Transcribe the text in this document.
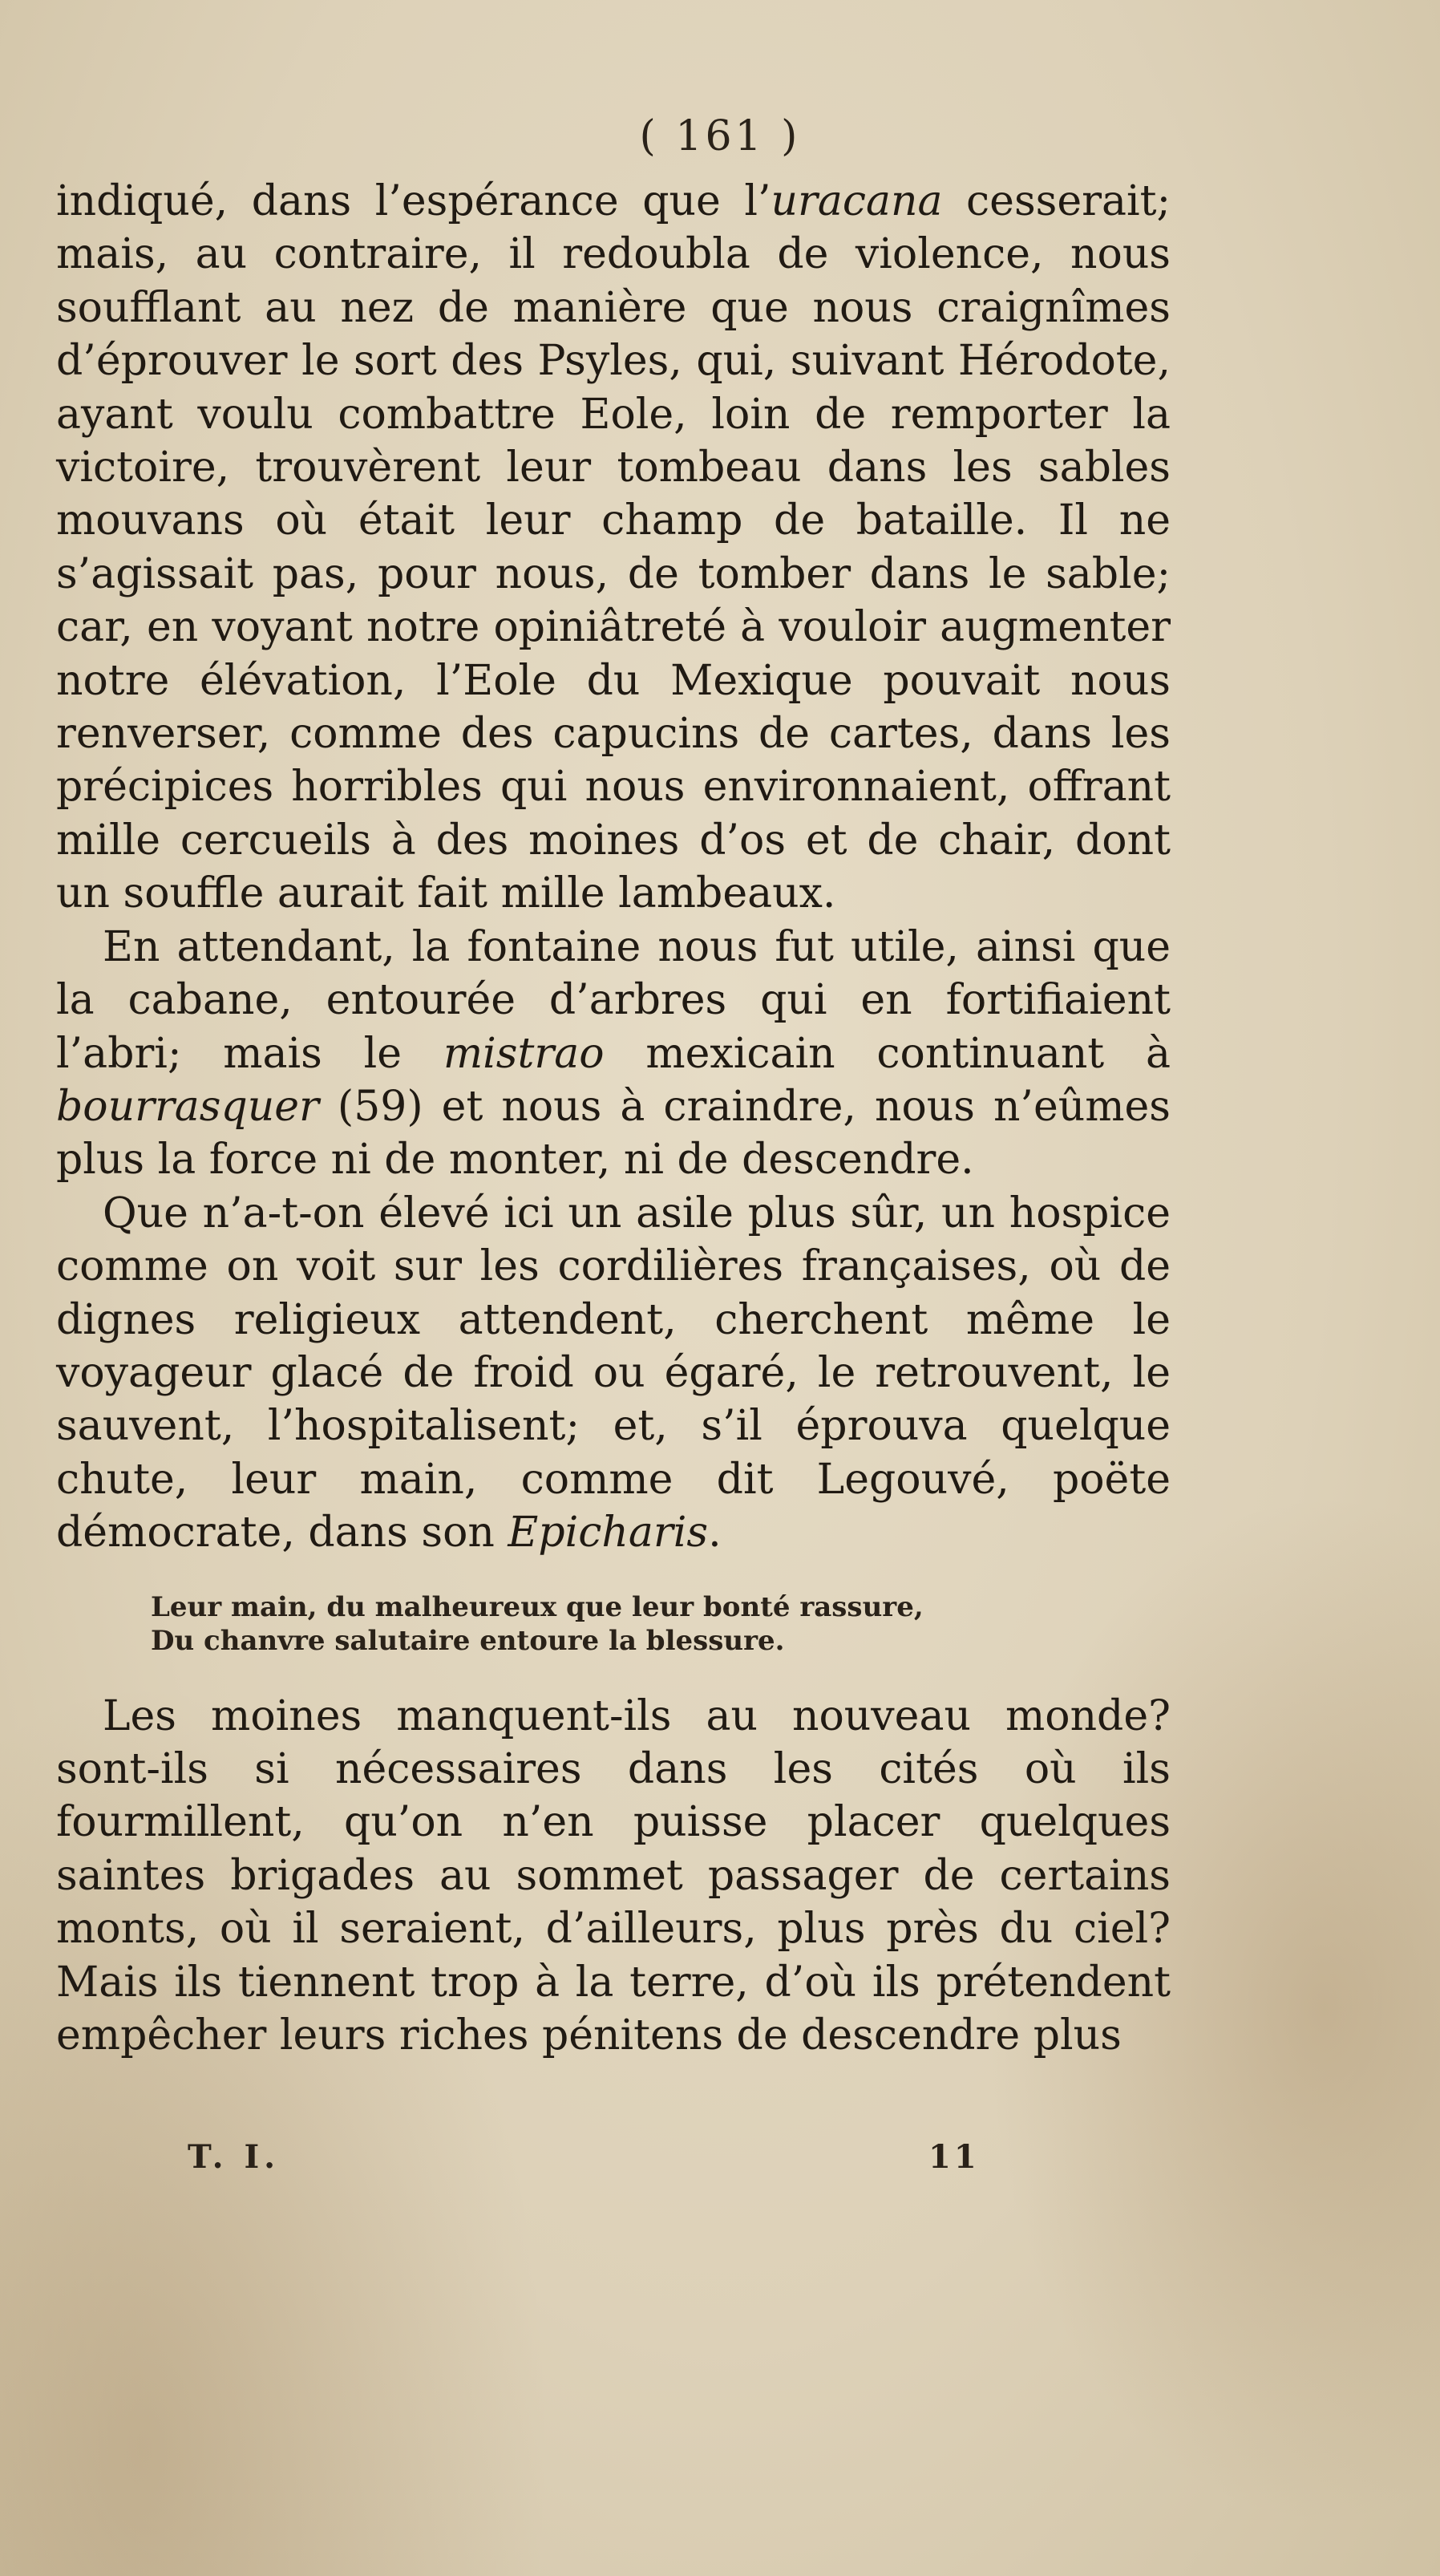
( 161 )

indiqué, dans l’espérance que l’uracana cesserait; mais, au contraire, il redoubla de violence, nous soufflant au nez de manière que nous craignîmes d’éprouver le sort des Psyles, qui, suivant Hérodote, ayant voulu combattre Eole, loin de remporter la victoire, trouvèrent leur tombeau dans les sables mouvans où était leur champ de bataille. Il ne s’agissait pas, pour nous, de tomber dans le sable; car, en voyant notre opiniâtreté à vouloir augmenter notre élévation, l’Eole du Mexique pouvait nous renverser, comme des capucins de cartes, dans les précipices horribles qui nous environnaient, offrant mille cercueils à des moines d’os et de chair, dont un souffle aurait fait mille lambeaux.

En attendant, la fontaine nous fut utile, ainsi que la cabane, entourée d’arbres qui en fortifiaient l’abri; mais le mistrao mexicain continuant à bourrasquer (59) et nous à craindre, nous n’eûmes plus la force ni de monter, ni de descendre.

Que n’a-t-on élevé ici un asile plus sûr, un hospice comme on voit sur les cordilières françaises, où de dignes religieux attendent, cherchent même le voyageur glacé de froid ou égaré, le retrouvent, le sauvent, l’hospitalisent; et, s’il éprouva quelque chute, leur main, comme dit Legouvé, poëte démocrate, dans son Epicharis.

Leur main, du malheureux que leur bonté rassure,
Du chanvre salutaire entoure la blessure.

Les moines manquent-ils au nouveau monde? sont-ils si nécessaires dans les cités où ils fourmillent, qu’on n’en puisse placer quelques saintes brigades au sommet passager de certains monts, où il seraient, d’ailleurs, plus près du ciel? Mais ils tiennent trop à la terre, d’où ils prétendent empêcher leurs riches pénitens de descendre plus

T. I.	11
